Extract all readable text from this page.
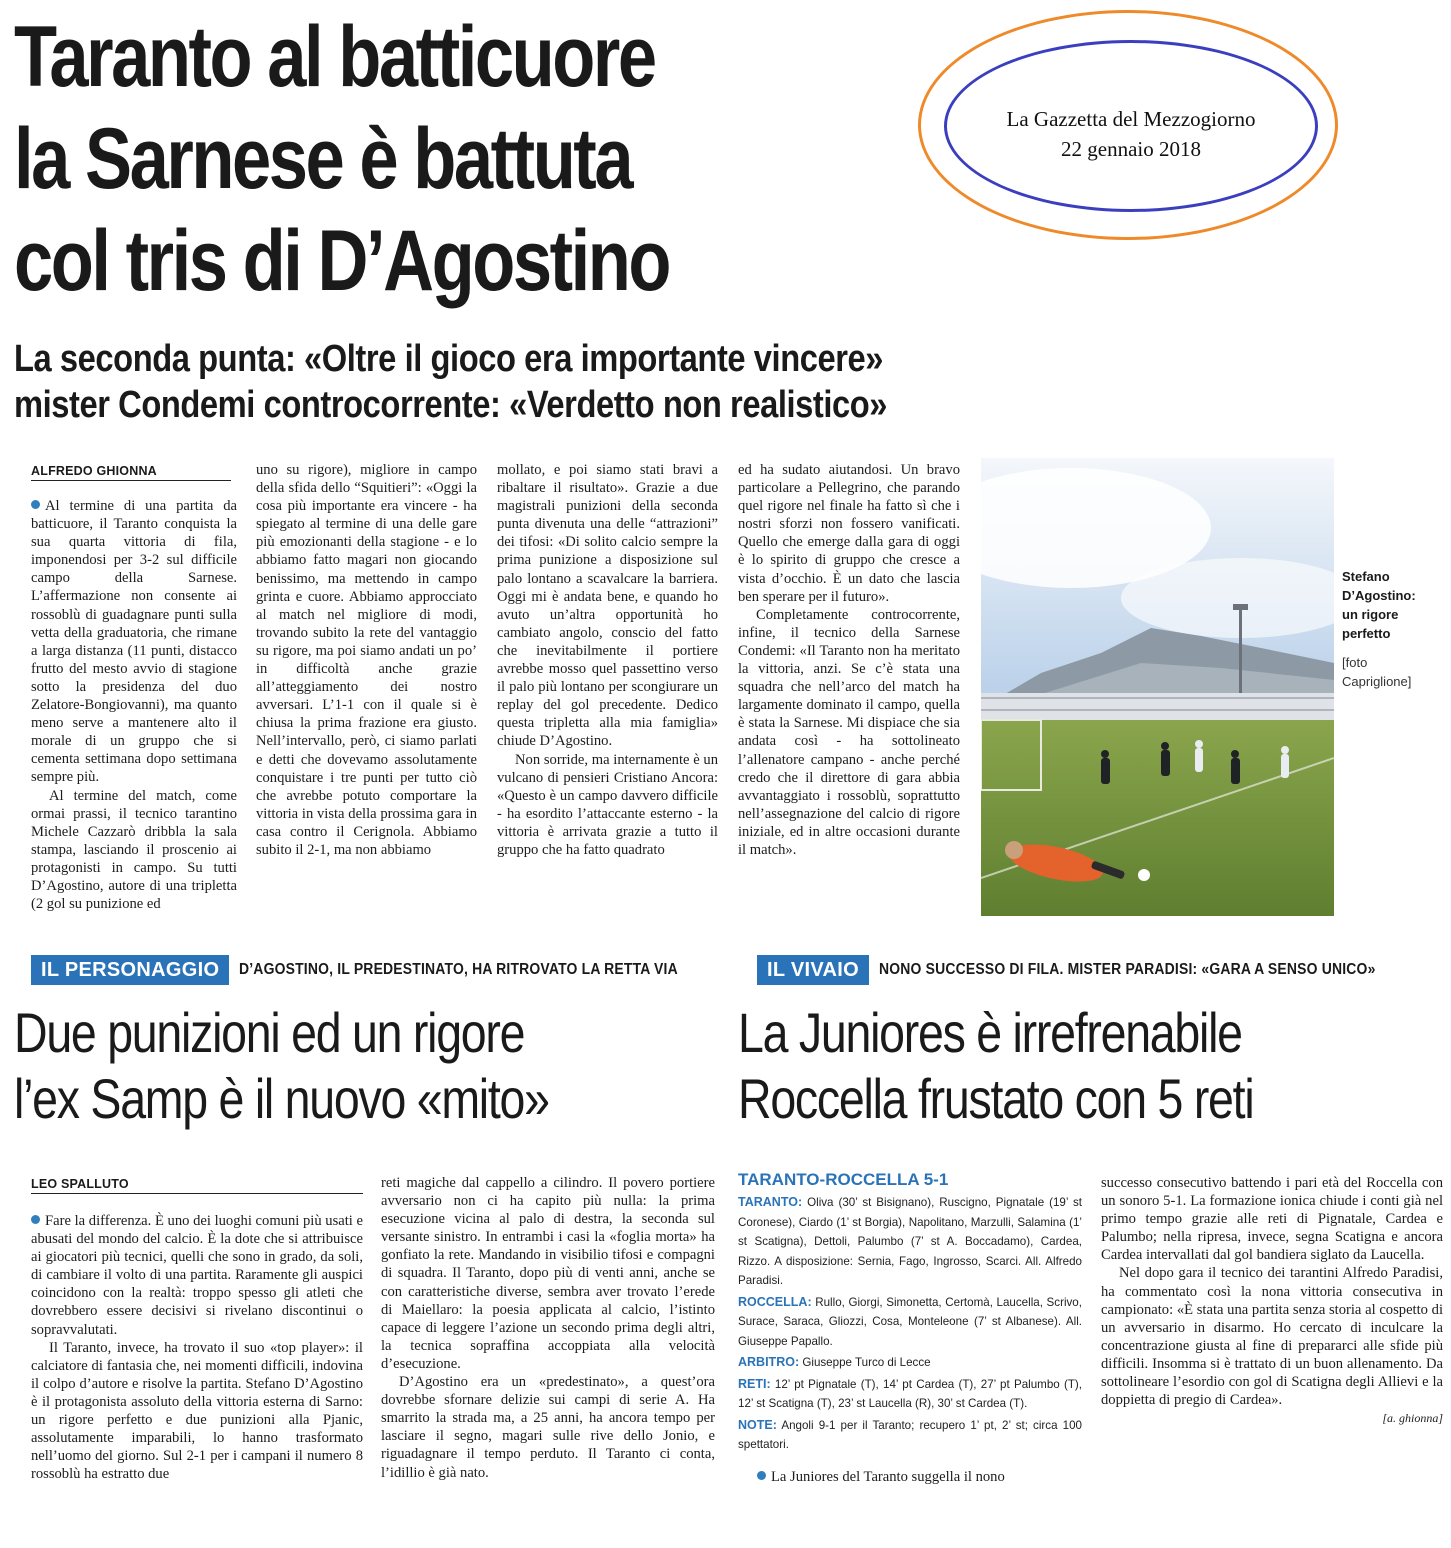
Taranto al batticuore
la Sarnese è battuta
col tris di D’Agostino
La Gazzetta del Mezzogiorno
22 gennaio 2018
La seconda punta: «Oltre il gioco era importante vincere»
mister Condemi controcorrente: «Verdetto non realistico»
ALFREDO GHIONNA

Al termine di una partita da batticuore, il Taranto conquista la sua quarta vittoria di fila, imponendosi per 3-2 sul difficile campo della Sarnese. L’affermazione non consente ai rossoblù di guadagnare punti sulla vetta della graduatoria, che rimane a larga distanza (11 punti, distacco frutto del mesto avvio di stagione sotto la presidenza del duo Zelatore-Bongiovanni), ma quanto meno serve a mantenere alto il morale di un gruppo che si cementa settimana dopo settimana sempre più.

Al termine del match, come ormai prassi, il tecnico tarantino Michele Cazzarò dribbla la sala stampa, lasciando il proscenio ai protagonisti in campo. Su tutti D’Agostino, autore di una tripletta (2 gol su punizione ed

uno su rigore), migliore in campo della sfida dello “Squitieri”: «Oggi la cosa più importante era vincere - ha spiegato al termine di una delle gare più emozionanti della stagione - e lo abbiamo fatto magari non giocando benissimo, ma mettendo in campo grinta e cuore. Abbiamo approcciato al match nel migliore di modi, trovando subito la rete del vantaggio su rigore, ma poi siamo andati un po’ in difficoltà anche grazie all’atteggiamento dei nostro avversari. L’1-1 con il quale si è chiusa la prima frazione era giusto. Nell’intervallo, però, ci siamo parlati e detti che dovevamo assolutamente conquistare i tre punti per tutto ciò che avrebbe potuto comportare la vittoria in vista della prossima gara in casa contro il Cerignola. Abbiamo subito il 2-1, ma non abbiamo

mollato, e poi siamo stati bravi a ribaltare il risultato». Grazie a due magistrali punizioni della seconda punta divenuta una delle “attrazioni” dei tifosi: «Di solito calcio sempre la prima punizione a disposizione sul palo lontano a scavalcare la barriera. Oggi mi è andata bene, e quando ho avuto un’altra opportunità ho cambiato angolo, conscio del fatto che inevitabilmente il portiere avrebbe mosso quel passettino verso il palo più lontano per scongiurare un replay del gol precedente. Dedico questa tripletta alla mia famiglia» chiude D’Agostino.

Non sorride, ma internamente è un vulcano di pensieri Cristiano Ancora: «Questo è un campo davvero difficile - ha esordito l’attaccante esterno - la vittoria è arrivata grazie a tutto il gruppo che ha fatto quadrato

ed ha sudato aiutandosi. Un bravo particolare a Pellegrino, che parando quel rigore nel finale ha fatto sì che i nostri sforzi non fossero vanificati. Quello che emerge dalla gara di oggi è lo spirito di gruppo che cresce a vista d’occhio. È un dato che lascia ben sperare per il futuro».

Completamente controcorrente, infine, il tecnico della Sarnese Condemi: «Il Taranto non ha meritato la vittoria, anzi. Se c’è stata una squadra che nell’arco del match ha largamente dominato il campo, quella è stata la Sarnese. Mi dispiace che sia andata così - ha sottolineato l’allenatore campano - anche perché credo che il direttore di gara abbia avvantaggiato i rossoblù, soprattutto nell’assegnazione del calcio di rigore iniziale, ed in altre occasioni durante il match».

Stefano
D’Agostino:
un rigore
perfetto
[foto
Capriglione]
IL PERSONAGGIO	D’AGOSTINO, IL PREDESTINATO, HA RITROVATO LA RETTA VIA
Due punizioni ed un rigore
l’ex Samp è il nuovo «mito»
LEO SPALLUTO

Fare la differenza. È uno dei luoghi comuni più usati e abusati del mondo del calcio. È la dote che si attribuisce ai giocatori più tecnici, quelli che sono in grado, da soli, di cambiare il volto di una partita. Raramente gli auspici coincidono con la realtà: troppo spesso gli atleti che dovrebbero essere decisivi si rivelano discontinui o sopravvalutati.

Il Taranto, invece, ha trovato il suo «top player»: il calciatore di fantasia che, nei momenti difficili, indovina il colpo d’autore e risolve la partita. Stefano D’Agostino è il protagonista assoluto della vittoria esterna di Sarno: un rigore perfetto e due punizioni alla Pjanic, assolutamente imparabili, lo hanno trasformato nell’uomo del giorno. Sul 2-1 per i campani il numero 8 rossoblù ha estratto due

reti magiche dal cappello a cilindro. Il povero portiere avversario non ci ha capito più nulla: la prima esecuzione vicina al palo di destra, la seconda sul versante sinistro. In entrambi i casi la «foglia morta» ha gonfiato la rete. Mandando in visibilio tifosi e compagni di squadra. Il Taranto, dopo più di venti anni, anche se con caratteristiche diverse, sembra aver trovato l’erede di Maiellaro: la poesia applicata al calcio, l’istinto capace di leggere l’azione un secondo prima degli altri, la tecnica sopraffina accoppiata alla velocità d’esecuzione.

D’Agostino era un «predestinato», a quest’ora dovrebbe sfornare delizie sui campi di serie A. Ha smarrito la strada ma, a 25 anni, ha ancora tempo per lasciare il segno, magari sulle rive dello Jonio, e riguadagnare il tempo perduto. Il Taranto ci conta, l’idillio è già nato.

IL VIVAIO	NONO SUCCESSO DI FILA. MISTER PARADISI: «GARA A SENSO UNICO»
La Juniores è irrefrenabile
Roccella frustato con 5 reti
TARANTO-ROCCELLA 5-1

TARANTO: Oliva (30’ st Bisignano), Ruscigno, Pignatale (19’ st Coronese), Ciardo (1’ st Borgia), Napolitano, Marzulli, Salamina (1’ st Scatigna), Dettoli, Palumbo (7’ st A. Boccadamo), Cardea, Rizzo. A disposizione: Sernia, Fago, Ingrosso, Scarci. All. Alfredo Paradisi.

ROCCELLA: Rullo, Giorgi, Simonetta, Certomà, Laucella, Scrivo, Surace, Saraca, Gliozzi, Cosa, Monteleone (7’ st Albanese). All. Giuseppe Papallo.

ARBITRO: Giuseppe Turco di Lecce

RETI: 12’ pt Pignatale (T), 14’ pt Cardea (T), 27’ pt Palumbo (T), 12’ st Scatigna (T), 23’ st Laucella (R), 30’ st Cardea (T).

NOTE: Angoli 9-1 per il Taranto; recupero 1’ pt, 2’ st; circa 100 spettatori.

La Juniores del Taranto suggella il nono

successo consecutivo battendo i pari età del Roccella con un sonoro 5-1. La formazione ionica chiude i conti già nel primo tempo grazie alle reti di Pignatale, Cardea e Palumbo; nella ripresa, invece, segna Scatigna e ancora Cardea intervallati dal gol bandiera siglato da Laucella.

Nel dopo gara il tecnico dei tarantini Alfredo Paradisi, ha commentato così la nona vittoria consecutiva in campionato: «È stata una partita senza storia al cospetto di un avversario in disarmo. Ho cercato di inculcare la concentrazione giusta al fine di prepararci alle sfide più difficili. Insomma si è trattato di un buon allenamento. Da sottolineare l’esordio con gol di Scatigna degli Allievi e la doppietta di pregio di Cardea».

[a. ghionna]
